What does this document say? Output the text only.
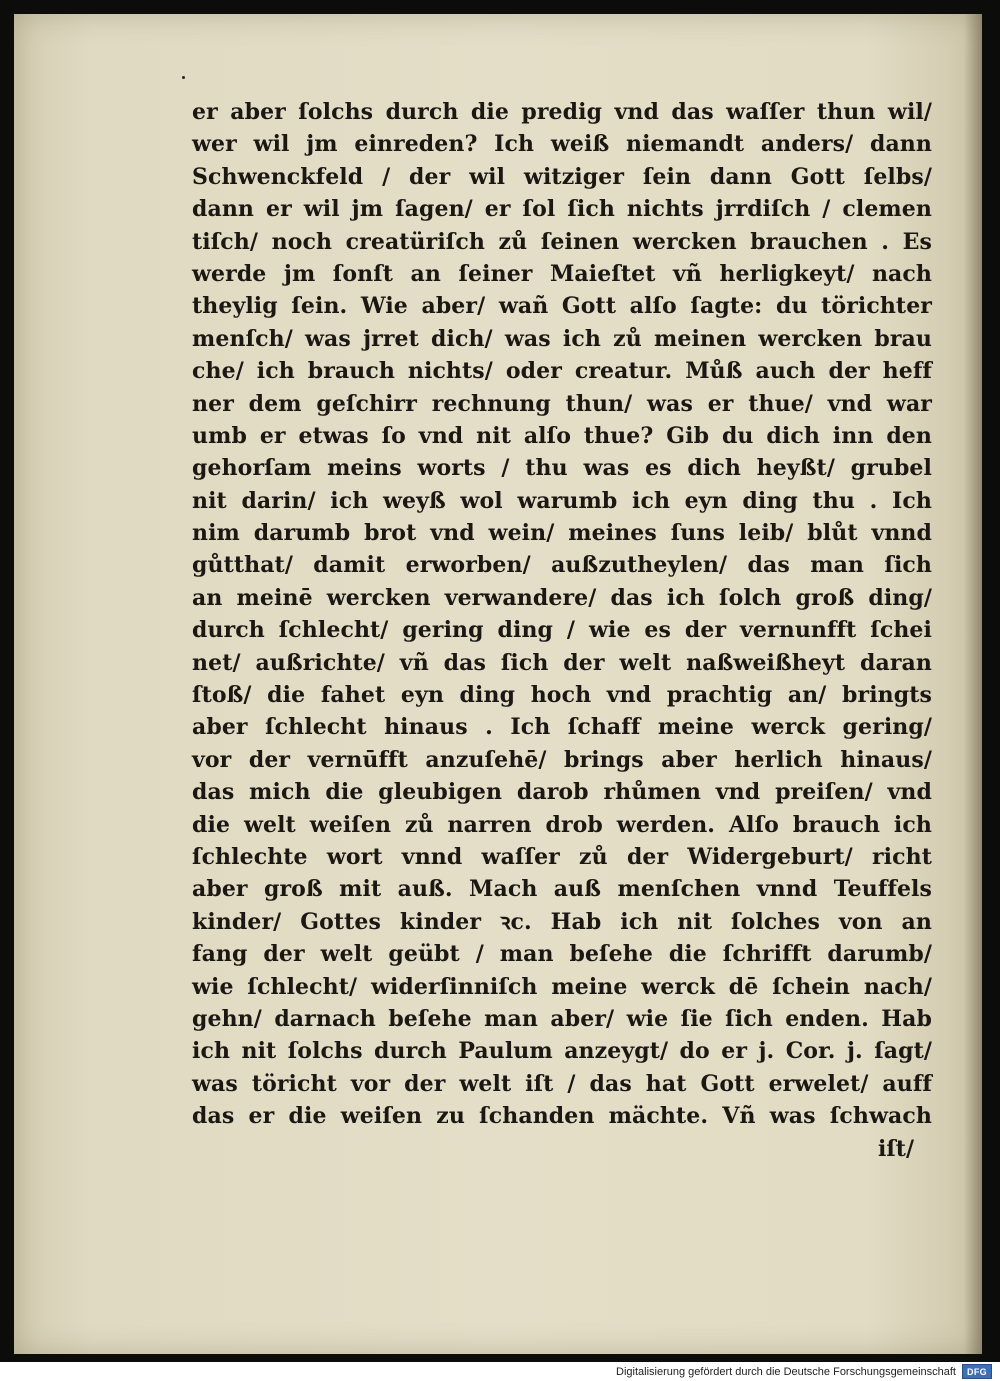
er aber ſolchs durch die predig vnd das waſſer thun wil/
wer wil jm einreden? Ich weiß niemandt anders/ dann
Schwenckfeld / der wil witziger ſein dann Gott ſelbs/
dann er wil jm ſagen/ er ſol ſich nichts jrrdiſch / clemen
tiſch/ noch creatüriſch zů ſeinen wercken brauchen . Es
werde jm ſonſt an ſeiner Maieſtet vñ herligkeyt/ nach
theylig ſein. Wie aber/ wañ Gott alſo ſagte: du törichter
menſch/ was jrret dich/ was ich zů meinen wercken brau
che/ ich brauch nichts/ oder creatur. Můß auch der heff
ner dem geſchirr rechnung thun/ was er thue/ vnd war
umb er etwas ſo vnd nit alſo thue? Gib du dich inn den
gehorſam meins worts / thu was es dich heyßt/ grubel
nit darin/ ich weyß wol warumb ich eyn ding thu . Ich
nim darumb brot vnd wein/ meines ſuns leib/ blůt vnnd
gůtthat/ damit erworben/ außzutheylen/ das man ſich
an meinē wercken verwandere/ das ich ſolch groß ding/
durch ſchlecht/ gering ding / wie es der vernunfft ſchei
net/ außrichte/ vñ das ſich der welt naßweißheyt daran
ſtoß/ die fahet eyn ding hoch vnd prachtig an/ bringts
aber ſchlecht hinaus . Ich ſchaff meine werck gering/
vor der vernūfft anzuſehē/ brings aber herlich hinaus/
das mich die gleubigen darob rhůmen vnd preiſen/ vnd
die welt weiſen zů narren drob werden. Alſo brauch ich
ſchlechte wort vnnd waſſer zů der Widergeburt/ richt
aber groß mit auß. Mach auß menſchen vnnd Teuffels
kinder/ Gottes kinder ꝛc. Hab ich nit ſolches von an
fang der welt geübt / man beſehe die ſchrifft darumb/
wie ſchlecht/ widerſinniſch meine werck dē ſchein nach/
gehn/ darnach beſehe man aber/ wie ſie ſich enden. Hab
ich nit ſolchs durch Paulum anzeygt/ do er j. Cor. j. ſagt/
was töricht vor der welt iſt / das hat Gott erwelet/ auff
das er die weiſen zu ſchanden mächte. Vñ was ſchwach
iſt/
Digitalisierung gefördert durch die Deutsche Forschungsgemeinschaft	DFG
